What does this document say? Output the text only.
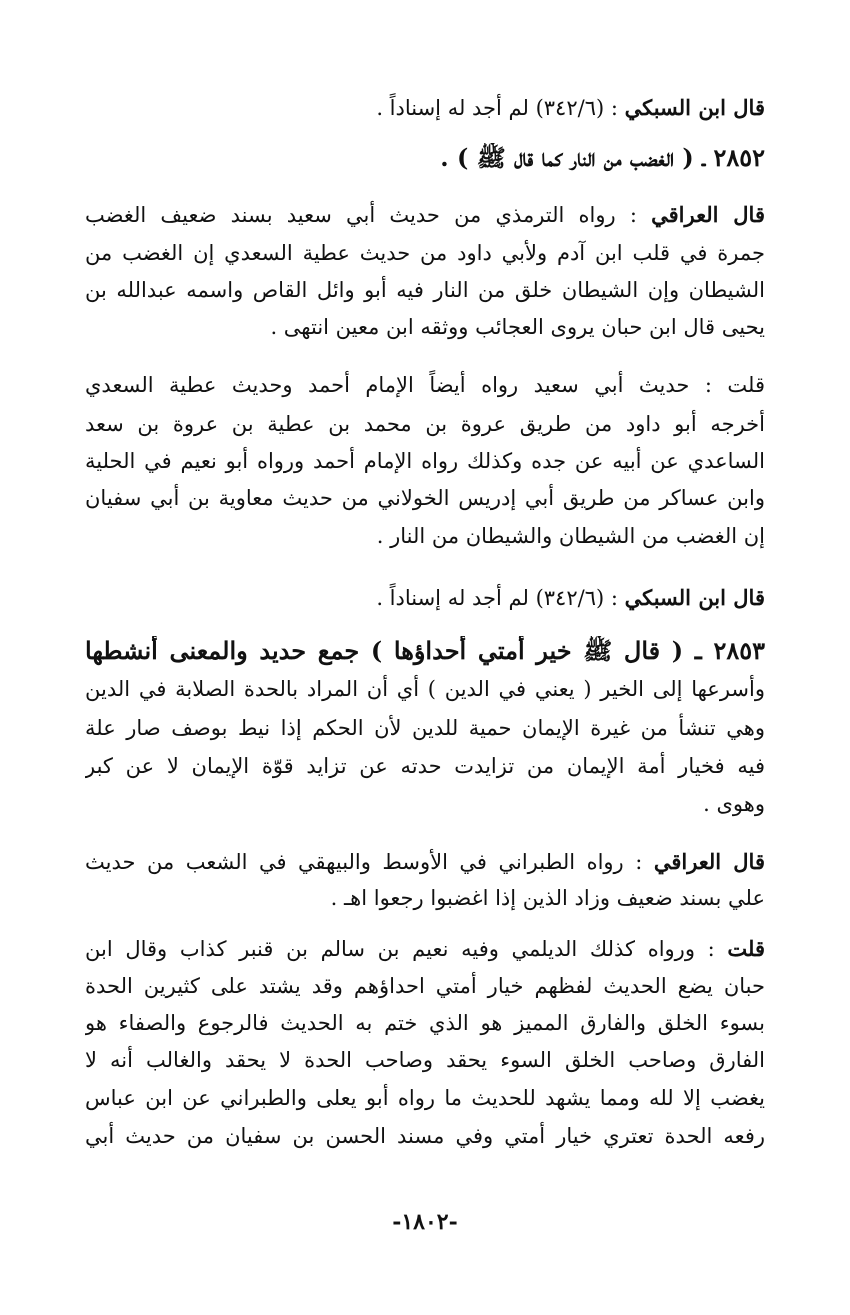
قال ابن السبكي : (٣٤٢/٦) لم أجد له إسناداً .
٢٨٥٢ ـ ( الغضب من النار كما قال ﷺ ) .
قال العراقي : رواه الترمذي من حديث أبي سعيد بسند ضعيف الغضب
جمرة في قلب ابن آدم ولأبي داود من حديث عطية السعدي إن الغضب من
الشيطان وإن الشيطان خلق من النار فيه أبو وائل القاص واسمه عبدالله بن
يحيى قال ابن حبان يروى العجائب ووثقه ابن معين انتهى .
قلت : حديث أبي سعيد رواه أيضاً الإمام أحمد وحديث عطية السعدي
أخرجه أبو داود من طريق عروة بن محمد بن عطية بن عروة بن سعد
الساعدي عن أبيه عن جده وكذلك رواه الإمام أحمد ورواه أبو نعيم في الحلية
وابن عساكر من طريق أبي إدريس الخولاني من حديث معاوية بن أبي سفيان
إن الغضب من الشيطان والشيطان من النار .
قال ابن السبكي : (٣٤٢/٦) لم أجد له إسناداً .
٢٨٥٣ ـ ( قال ﷺ خير أمتي أحداؤها ) جمع حديد والمعنى أنشطها
وأسرعها إلى الخير ( يعني في الدين ) أي أن المراد بالحدة الصلابة في الدين
وهي تنشأ من غيرة الإيمان حمية للدين لأن الحكم إذا نيط بوصف صار علة
فيه فخيار أمة الإيمان من تزايدت حدته عن تزايد قوّة الإيمان لا عن كبر
وهوى .
قال العراقي : رواه الطبراني في الأوسط والبيهقي في الشعب من حديث
علي بسند ضعيف وزاد الذين إذا اغضبوا رجعوا اهـ .
قلت : ورواه كذلك الديلمي وفيه نعيم بن سالم بن قنبر كذاب وقال ابن
حبان يضع الحديث لفظهم خيار أمتي احداؤهم وقد يشتد على كثيرين الحدة
بسوء الخلق والفارق المميز هو الذي ختم به الحديث فالرجوع والصفاء هو
الفارق وصاحب الخلق السوء يحقد وصاحب الحدة لا يحقد والغالب أنه لا
يغضب إلا لله ومما يشهد للحديث ما رواه أبو يعلى والطبراني عن ابن عباس
رفعه الحدة تعتري خيار أمتي وفي مسند الحسن بن سفيان من حديث أبي
-١٨٠٢-
